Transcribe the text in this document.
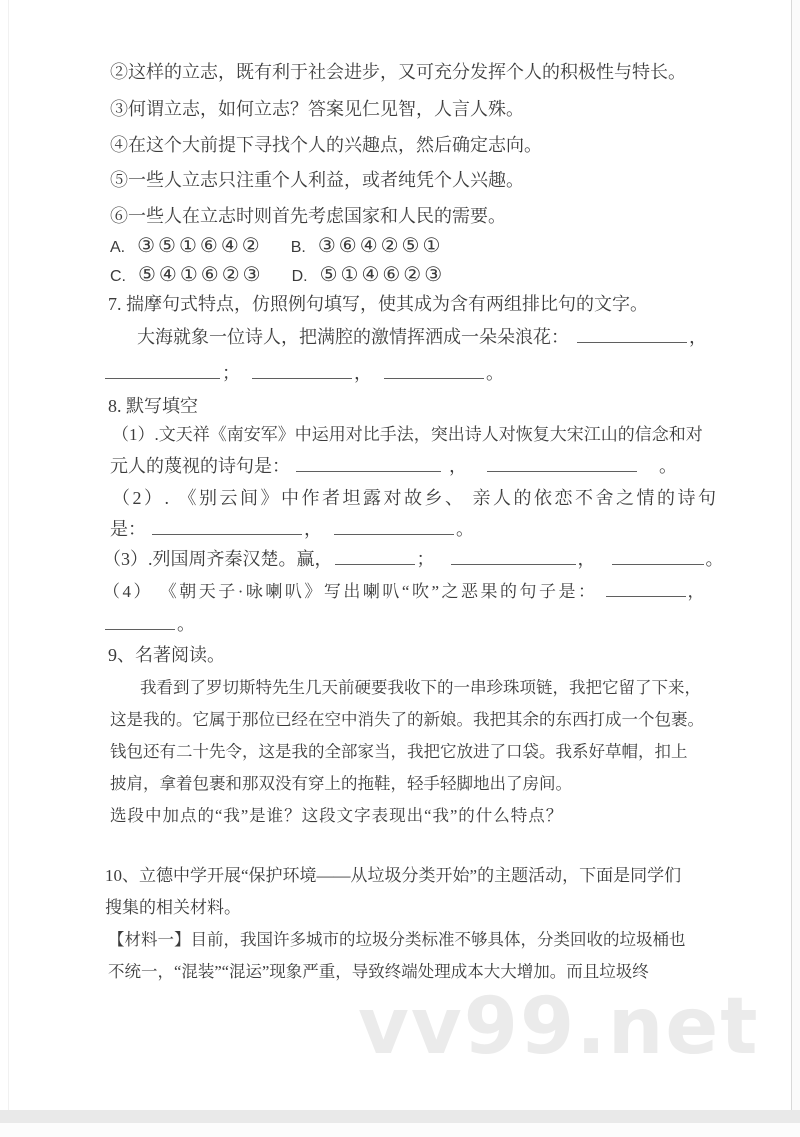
②这样的立志，既有利于社会进步，又可充分发挥个人的积极性与特长。
③何谓立志，如何立志？答案见仁见智，人言人殊。
④在这个大前提下寻找个人的兴趣点，然后确定志向。
⑤一些人立志只注重个人利益，或者纯凭个人兴趣。
⑥一些人在立志时则首先考虑国家和人民的需要。
A. ③⑤①⑥④② B. ③⑥④②⑤①
C. ⑤④①⑥②③ D. ⑤①④⑥②③
7. 揣摩句式特点，仿照例句填写，使其成为含有两组排比句的文字。
大海就象一位诗人，把满腔的激情挥洒成一朵朵浪花：	，
；	，	。
8. 默写填空
（1）.文天祥《南安军》中运用对比手法，突出诗人对恢复大宋江山的信念和对
元人的蔑视的诗句是：	，	。
（2）. 《别云间》中作者坦露对故乡、 亲人的依恋不舍之情的诗句
是：	，	。
（3）.列国周齐秦汉楚。赢，	；	，	。
（4） 《朝天子·咏喇叭》写出喇叭“吹”之恶果的句子是：	，
。
9、名著阅读。
我看到了罗切斯特先生几天前硬要我收下的一串珍珠项链，我把它留了下来，
这是我的。它属于那位已经在空中消失了的新娘。我把其余的东西打成一个包裹。
钱包还有二十先令，这是我的全部家当，我把它放进了口袋。我系好草帽，扣上
披肩，拿着包裹和那双没有穿上的拖鞋，轻手轻脚地出了房间。
选段中加点的“我”是谁？这段文字表现出“我”的什么特点？
10、立德中学开展“保护环境——从垃圾分类开始”的主题活动，下面是同学们
搜集的相关材料。
【材料一】目前，我国许多城市的垃圾分类标准不够具体，分类回收的垃圾桶也
不统一，“混装”“混运”现象严重，导致终端处理成本大大增加。而且垃圾终
vv99.net
